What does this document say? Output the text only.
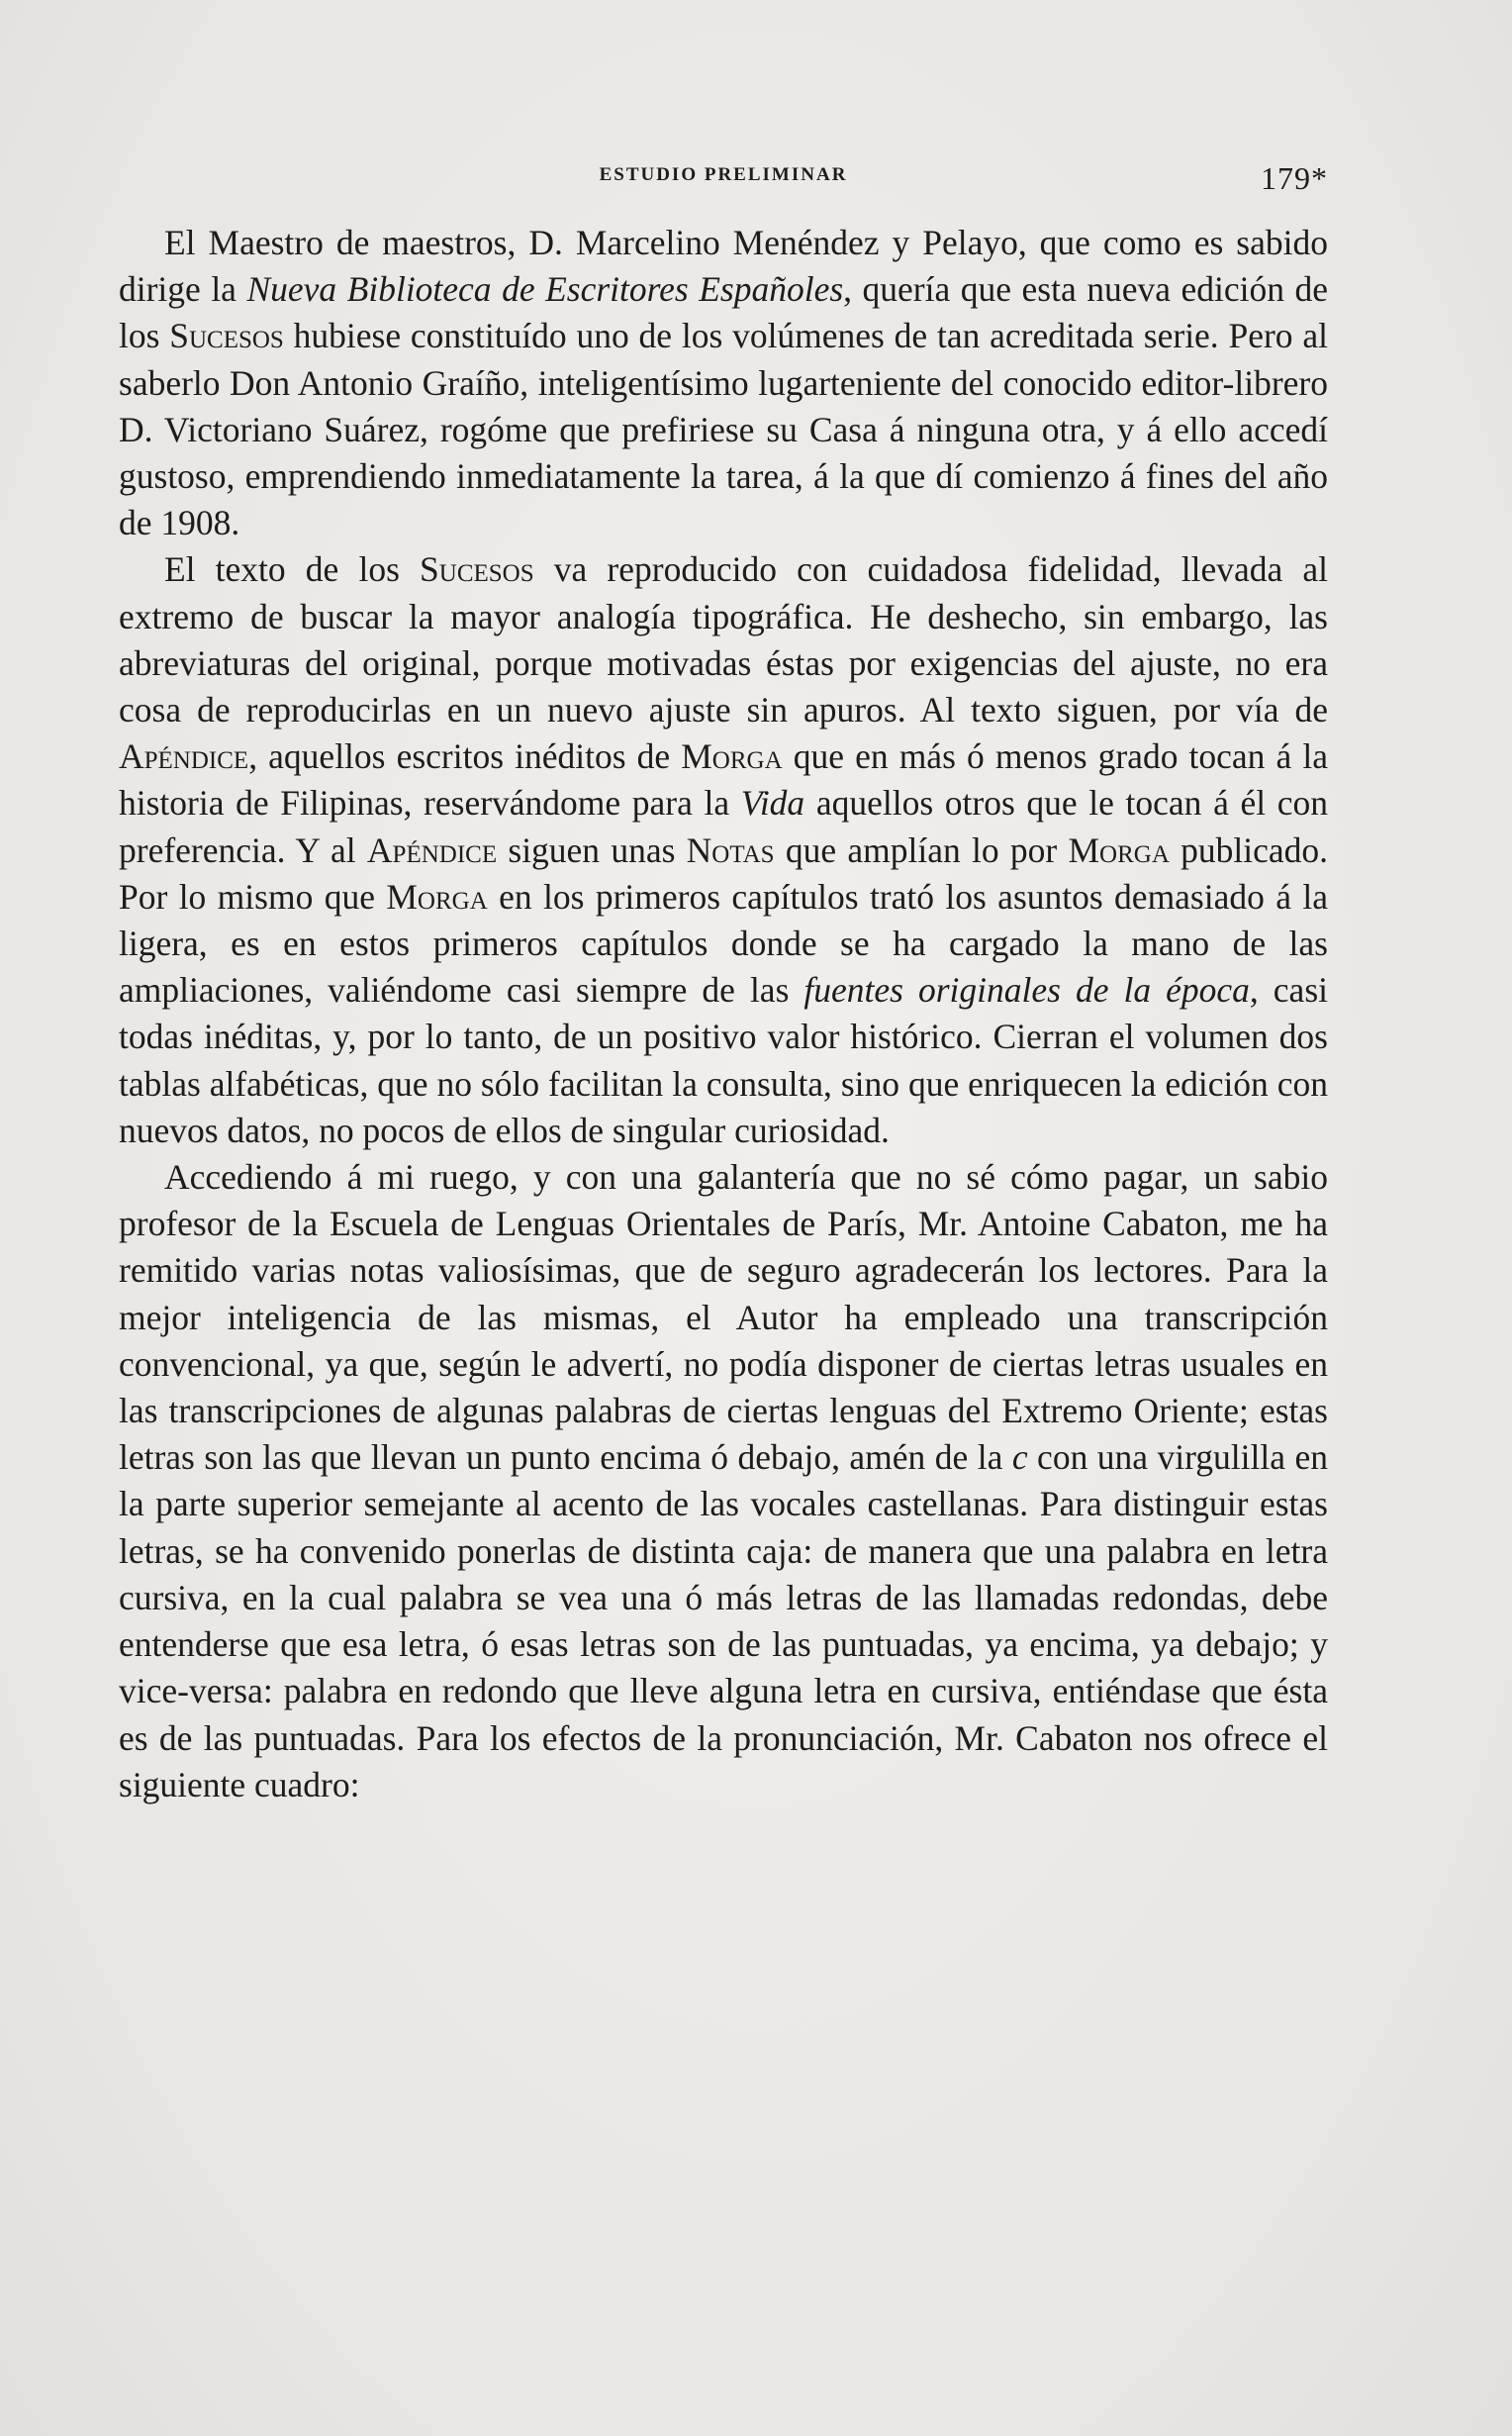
ESTUDIO PRELIMINAR	179*

El Maestro de maestros, D. Marcelino Menéndez y Pelayo, que como es sabido dirige la Nueva Biblioteca de Escritores Españoles, quería que esta nueva edición de los Sucesos hubiese constituído uno de los volúmenes de tan acreditada serie. Pero al saberlo Don Antonio Graíño, inteligentísimo lugarteniente del conocido editor-librero D. Victoriano Suárez, rogóme que prefiriese su Casa á ninguna otra, y á ello accedí gustoso, emprendiendo inmediatamente la tarea, á la que dí comienzo á fines del año de 1908.

El texto de los Sucesos va reproducido con cuidadosa fidelidad, llevada al extremo de buscar la mayor analogía tipográfica. He deshecho, sin embargo, las abreviaturas del original, porque motivadas éstas por exigencias del ajuste, no era cosa de reproducirlas en un nuevo ajuste sin apuros. Al texto siguen, por vía de Apéndice, aquellos escritos inéditos de Morga que en más ó menos grado tocan á la historia de Filipinas, reservándome para la Vida aquellos otros que le tocan á él con preferencia. Y al Apéndice siguen unas Notas que amplían lo por Morga publicado. Por lo mismo que Morga en los primeros capítulos trató los asuntos demasiado á la ligera, es en estos primeros capítulos donde se ha cargado la mano de las ampliaciones, valiéndome casi siempre de las fuentes originales de la época, casi todas inéditas, y, por lo tanto, de un positivo valor histórico. Cierran el volumen dos tablas alfabéticas, que no sólo facilitan la consulta, sino que enriquecen la edición con nuevos datos, no pocos de ellos de singular curiosidad.

Accediendo á mi ruego, y con una galantería que no sé cómo pagar, un sabio profesor de la Escuela de Lenguas Orientales de París, Mr. Antoine Cabaton, me ha remitido varias notas valiosísimas, que de seguro agradecerán los lectores. Para la mejor inteligencia de las mismas, el Autor ha empleado una transcripción convencional, ya que, según le advertí, no podía disponer de ciertas letras usuales en las transcripciones de algunas palabras de ciertas lenguas del Extremo Oriente; estas letras son las que llevan un punto encima ó debajo, amén de la c con una virgulilla en la parte superior semejante al acento de las vocales castellanas. Para distinguir estas letras, se ha convenido ponerlas de distinta caja: de manera que una palabra en letra cursiva, en la cual palabra se vea una ó más letras de las llamadas redondas, debe entenderse que esa letra, ó esas letras son de las puntuadas, ya encima, ya debajo; y vice-versa: palabra en redondo que lleve alguna letra en cursiva, entiéndase que ésta es de las puntuadas. Para los efectos de la pronunciación, Mr. Cabaton nos ofrece el siguiente cuadro:
